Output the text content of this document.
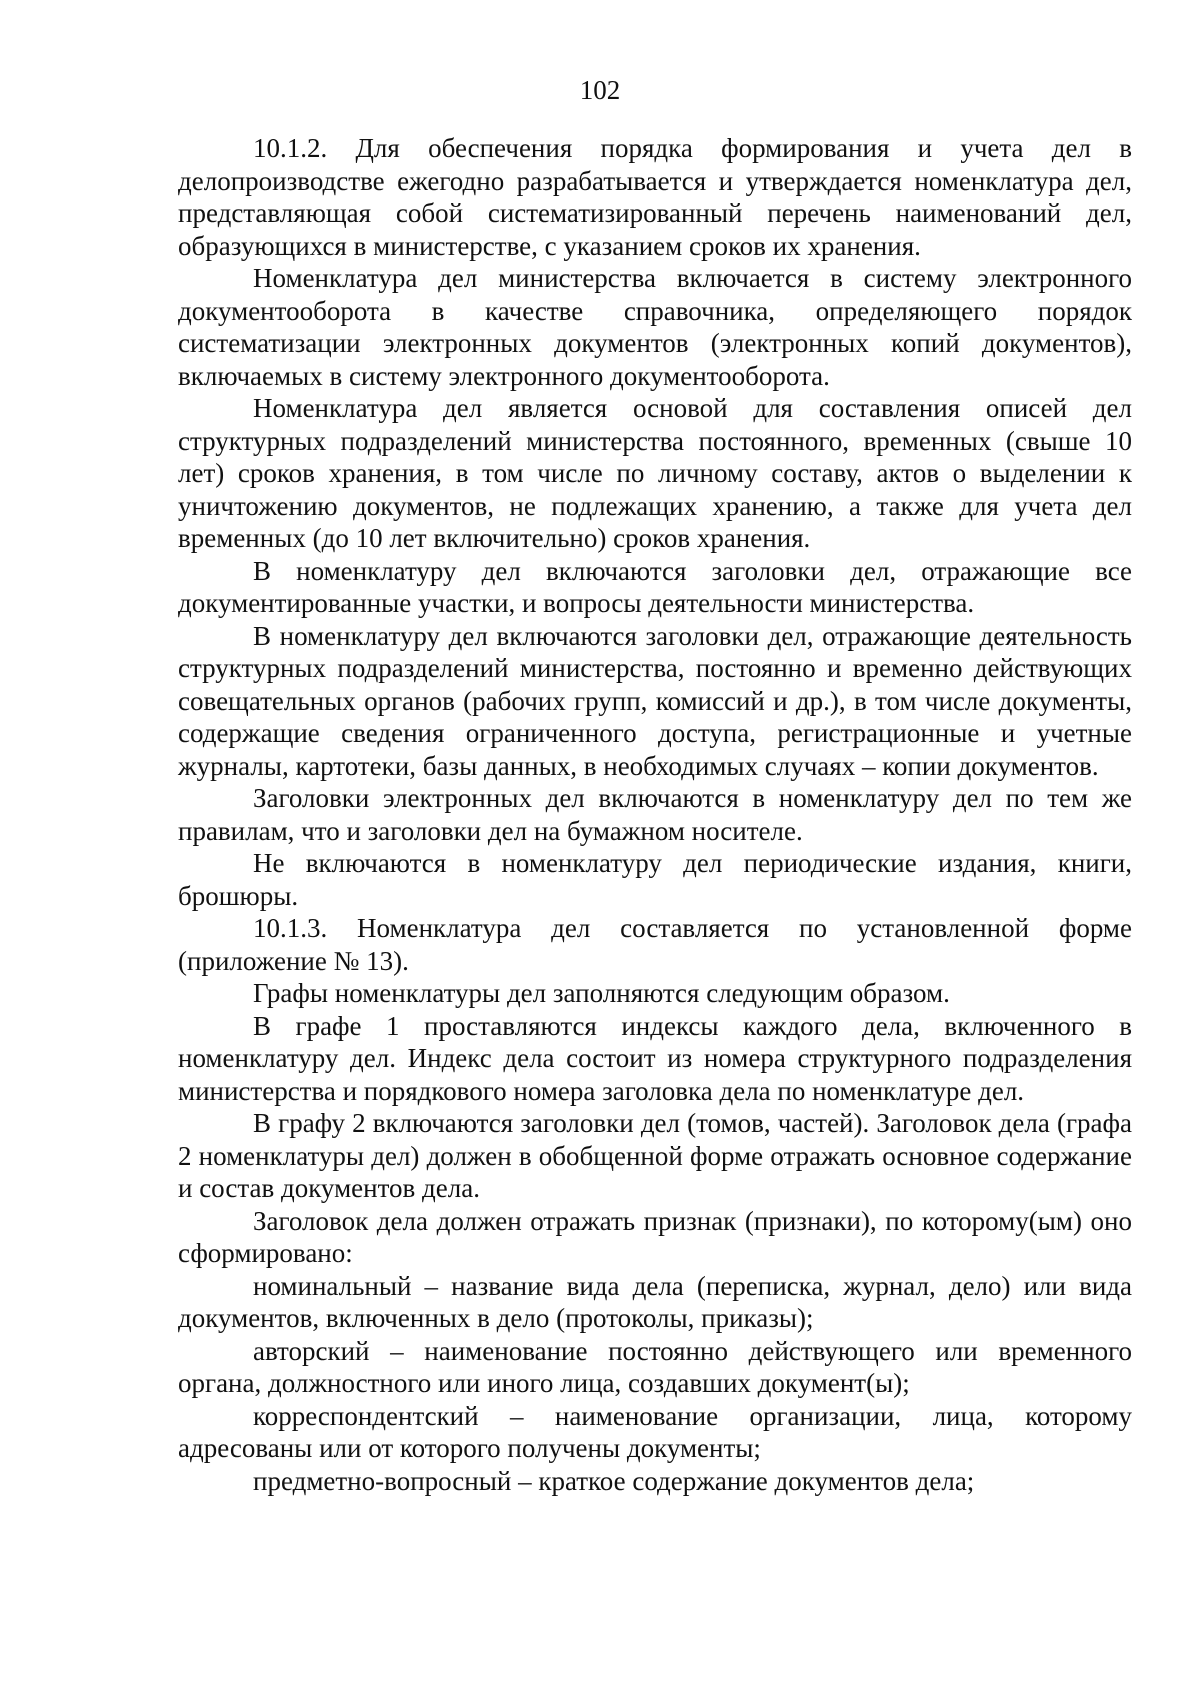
102

10.1.2. Для обеспечения порядка формирования и учета дел в делопроизводстве ежегодно разрабатывается и утверждается номенклатура дел, представляющая собой систематизированный перечень наименований дел, образующихся в министерстве, с указанием сроков их хранения.

Номенклатура дел министерства включается в систему электронного документооборота в качестве справочника, определяющего порядок систематизации электронных документов (электронных копий документов), включаемых в систему электронного документооборота.

Номенклатура дел является основой для составления описей дел структурных подразделений министерства постоянного, временных (свыше 10 лет) сроков хранения, в том числе по личному составу, актов о выделении к уничтожению документов, не подлежащих хранению, а также для учета дел временных (до 10 лет включительно) сроков хранения.

В номенклатуру дел включаются заголовки дел, отражающие все документированные участки, и вопросы деятельности министерства.

В номенклатуру дел включаются заголовки дел, отражающие деятельность структурных подразделений министерства, постоянно и временно действующих совещательных органов (рабочих групп, комиссий и др.), в том числе документы, содержащие сведения ограниченного доступа, регистрационные и учетные журналы, картотеки, базы данных, в необходимых случаях – копии документов.

Заголовки электронных дел включаются в номенклатуру дел по тем же правилам, что и заголовки дел на бумажном носителе.

Не включаются в номенклатуру дел периодические издания, книги, брошюры.

10.1.3. Номенклатура дел составляется по установленной форме (приложение № 13).

Графы номенклатуры дел заполняются следующим образом.

В графе 1 проставляются индексы каждого дела, включенного в номенклатуру дел. Индекс дела состоит из номера структурного подразделения министерства и порядкового номера заголовка дела по номенклатуре дел.

В графу 2 включаются заголовки дел (томов, частей). Заголовок дела (графа 2 номенклатуры дел) должен в обобщенной форме отражать основное содержание и состав документов дела.

Заголовок дела должен отражать признак (признаки), по которому(ым) оно сформировано:

номинальный – название вида дела (переписка, журнал, дело) или вида документов, включенных в дело (протоколы, приказы);

авторский – наименование постоянно действующего или временного органа, должностного или иного лица, создавших документ(ы);

корреспондентский – наименование организации, лица, которому адресованы или от которого получены документы;

предметно-вопросный – краткое содержание документов дела;
